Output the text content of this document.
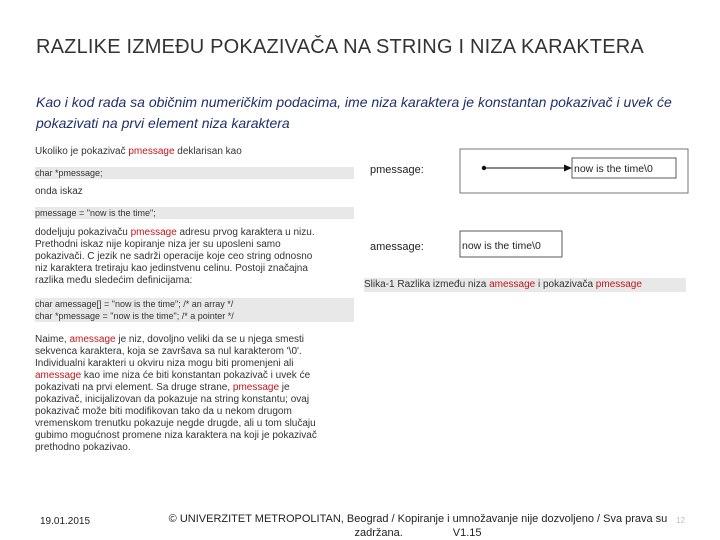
RAZLIKE IZMEĐU POKAZIVAČA NA STRING I NIZA KARAKTERA
Kao i kod rada sa običnim numeričkim podacima, ime niza karaktera je konstantan pokazivač i uvek će pokazivati na prvi element niza karaktera
Ukoliko je pokazivač pmessage deklarisan kao
char *pmessage;
onda iskaz
pmessage = "now is the time";
dodeljuju pokazivaču pmessage adresu prvog karaktera u nizu.
Prethodni iskaz nije kopiranje niza jer su uposleni samo
pokazivači. C jezik ne sadrži operacije koje ceo string odnosno
niz karaktera tretiraju kao jedinstvenu celinu. Postoji značajna
razlika među sledećim definicijama:
char amessage[] = "now is the time"; /* an array */
char *pmessage = "now is the time"; /* a pointer */
Naime, amessage je niz, dovoljno veliki da se u njega smesti
sekvenca karaktera, koja se završava sa nul karakterom '\0'.
Individualni karakteri u okviru niza mogu biti promenjeni ali
amessage kao ime niza će biti konstantan pokazivač i uvek će
pokazivati na prvi element. Sa druge strane, pmessage je
pokazivač, inicijalizovan da pokazuje na string konstantu; ovaj
pokazivač može biti modifikovan tako da u nekom drugom
vremenskom trenutku pokazuje negde drugde, ali u tom slučaju
gubimo mogućnost promene niza karaktera na koji je pokazivač
prethodno pokazivao.
pmessage:	now is the time\0
amessage:	now is the time\0
Slika-1 Razlika između niza amessage i pokazivača pmessage
19.01.2015	© UNIVERZITET METROPOLITAN, Beograd / Kopiranje i umnožavanje nije dozvoljeno / Sva prava su
zadržana.	V1.15
12
